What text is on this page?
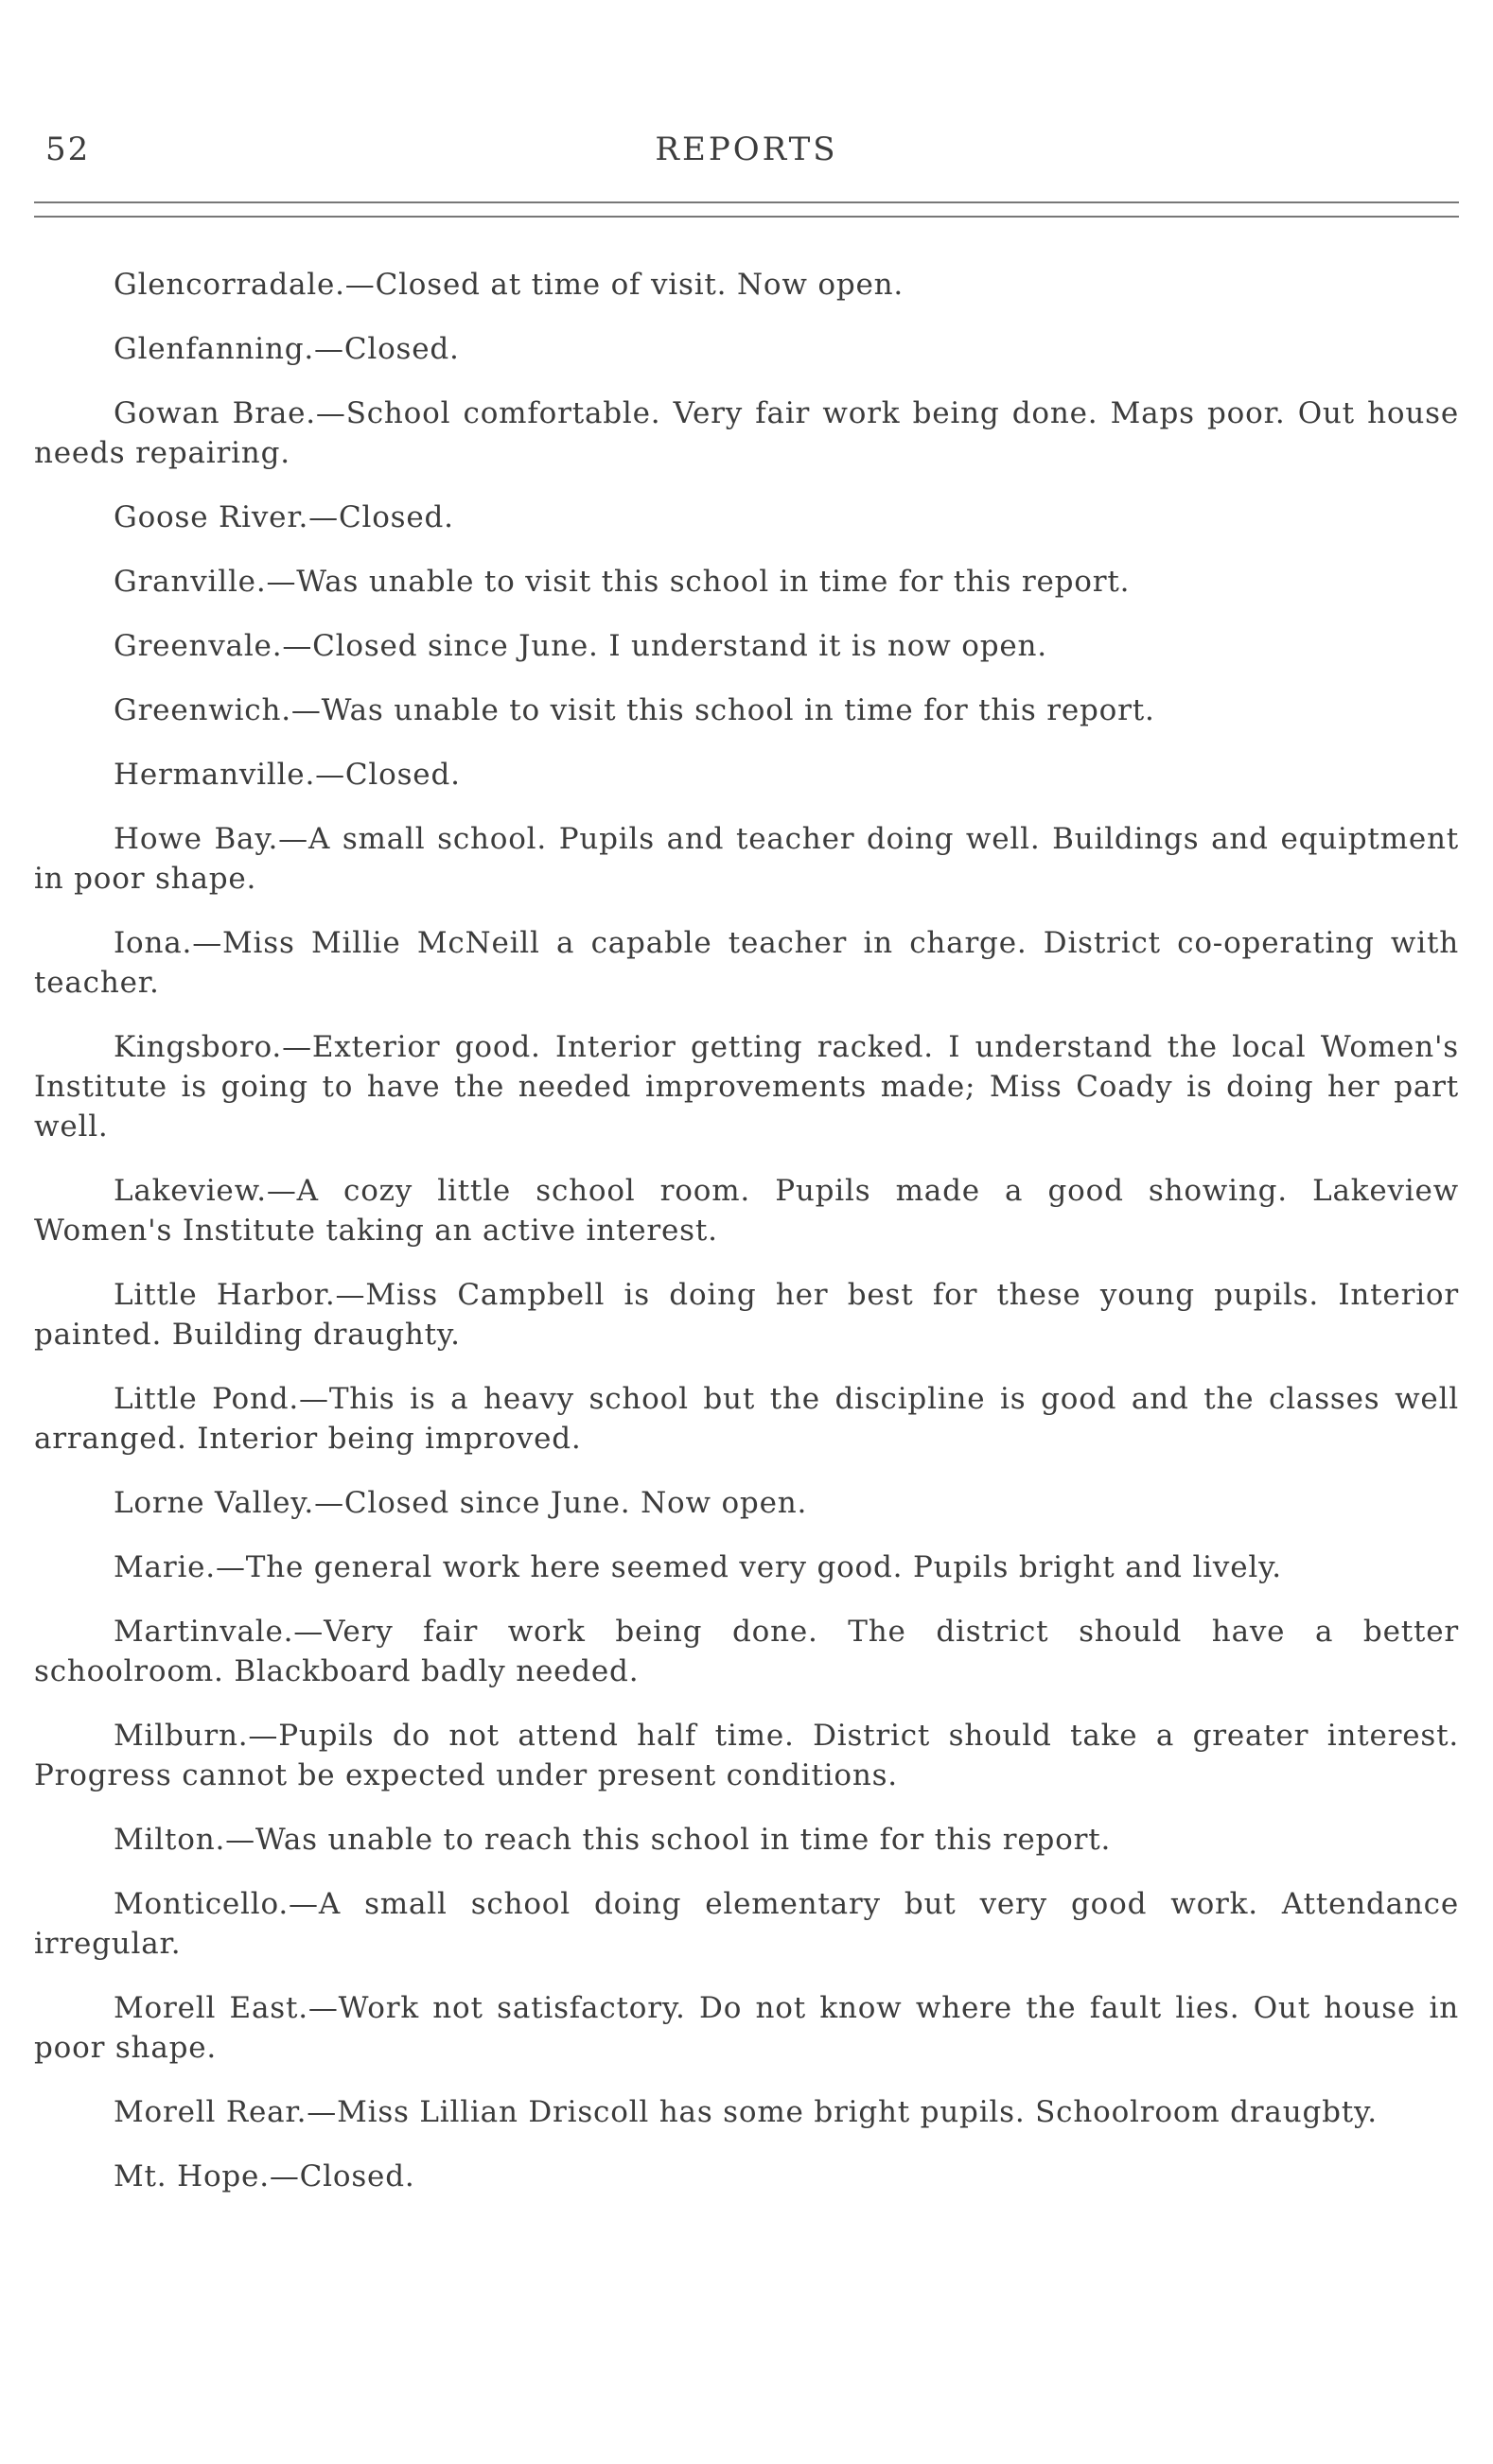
52	REPORTS

Glencorradale.—Closed at time of visit. Now open.

Glenfanning.—Closed.

Gowan Brae.—School comfortable. Very fair work being done. Maps poor. Out house needs repairing.

Goose River.—Closed.

Granville.—Was unable to visit this school in time for this report.

Greenvale.—Closed since June. I understand it is now open.

Greenwich.—Was unable to visit this school in time for this report.

Hermanville.—Closed.

Howe Bay.—A small school. Pupils and teacher doing well. Buildings and equiptment in poor shape.

Iona.—Miss Millie McNeill a capable teacher in charge. District co-operating with teacher.

Kingsboro.—Exterior good. Interior getting racked. I understand the local Women's Institute is going to have the needed improvements made; Miss Coady is doing her part well.

Lakeview.—A cozy little school room. Pupils made a good showing. Lakeview Women's Institute taking an active interest.

Little Harbor.—Miss Campbell is doing her best for these young pupils. Interior painted. Building draughty.

Little Pond.—This is a heavy school but the discipline is good and the classes well arranged. Interior being improved.

Lorne Valley.—Closed since June. Now open.

Marie.—The general work here seemed very good. Pupils bright and lively.

Martinvale.—Very fair work being done. The district should have a better schoolroom. Blackboard badly needed.

Milburn.—Pupils do not attend half time. District should take a greater interest. Progress cannot be expected under present conditions.

Milton.—Was unable to reach this school in time for this report.

Monticello.—A small school doing elementary but very good work. Attendance irregular.

Morell East.—Work not satisfactory. Do not know where the fault lies. Out house in poor shape.

Morell Rear.—Miss Lillian Driscoll has some bright pupils. Schoolroom draugbty.

Mt. Hope.—Closed.
